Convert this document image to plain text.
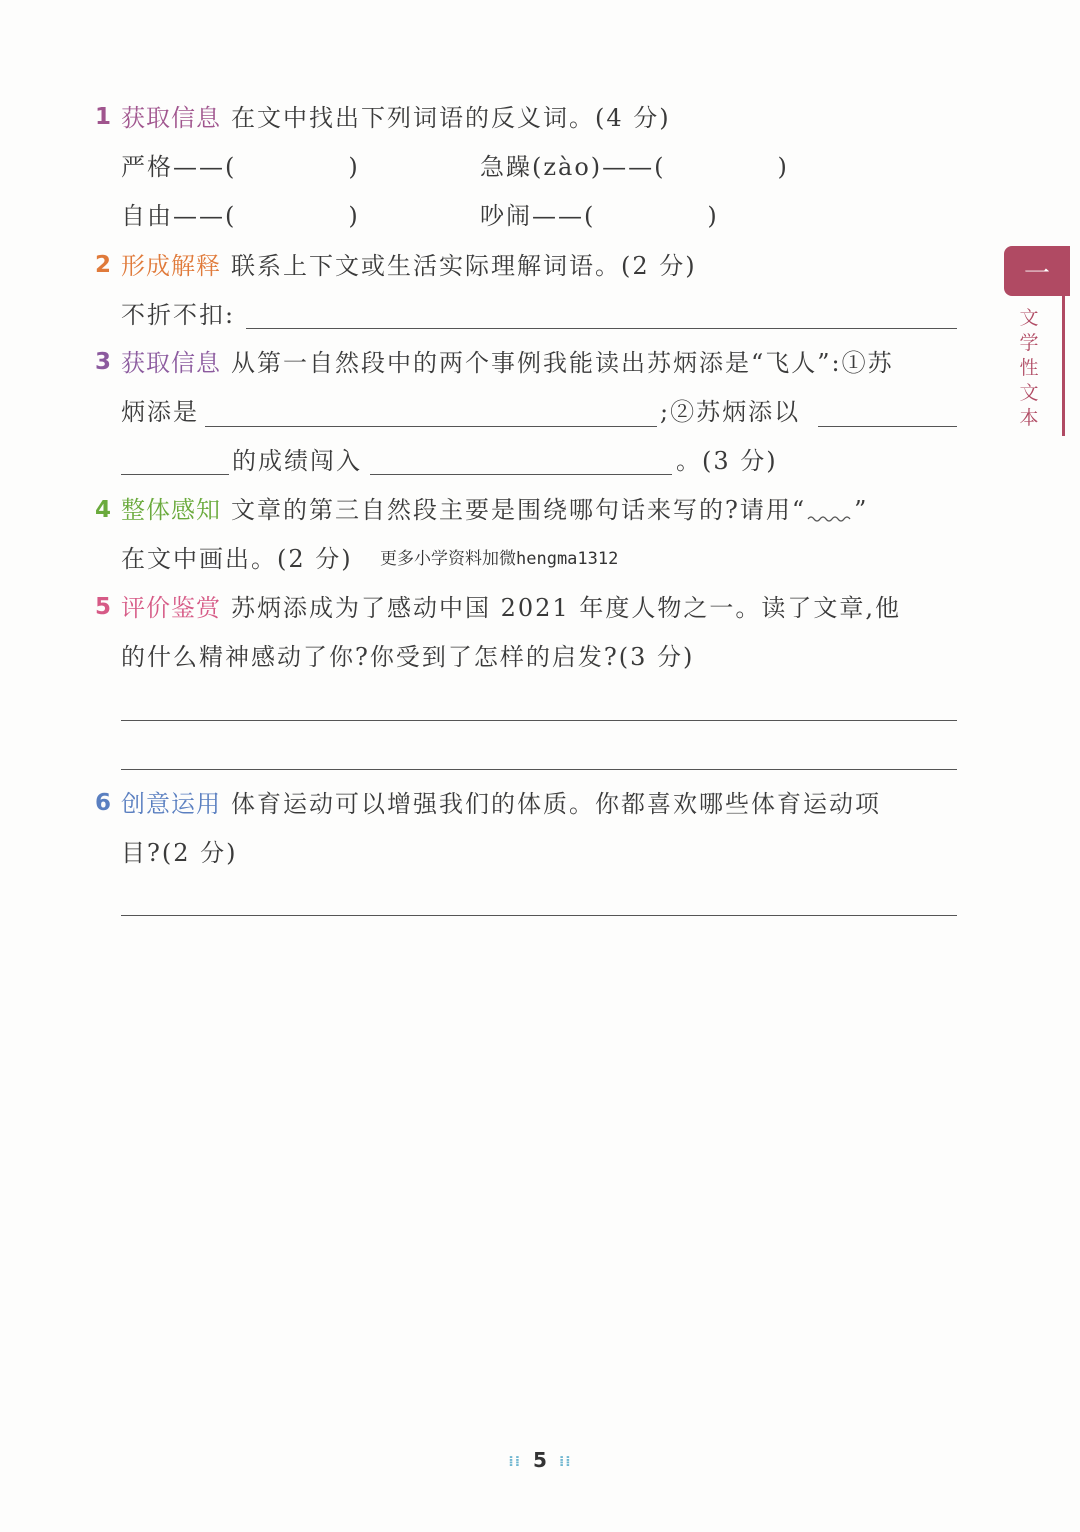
一
文
学
性
文
本
1 获取信息 在文中找出下列词语的反义词。(4 分)
严格——(	)	急躁(zào)——(	)
自由——(	)	吵闹——(	)
2 形成解释 联系上下文或生活实际理解词语。(2 分)
不折不扣:
3 获取信息 从第一自然段中的两个事例我能读出苏炳添是“飞人”:①苏
炳添是	;②苏炳添以
的成绩闯入	。(3 分)
4 整体感知 文章的第三自然段主要是围绕哪句话来写的?请用“ ”
在文中画出。(2 分) 更多小学资料加微hengma1312
5 评价鉴赏 苏炳添成为了感动中国 2021 年度人物之一。读了文章,他
的什么精神感动了你?你受到了怎样的启发?(3 分)
6 创意运用 体育运动可以增强我们的体质。你都喜欢哪些体育运动项
目?(2 分)
⁞⁞ 5 ⁞⁞
